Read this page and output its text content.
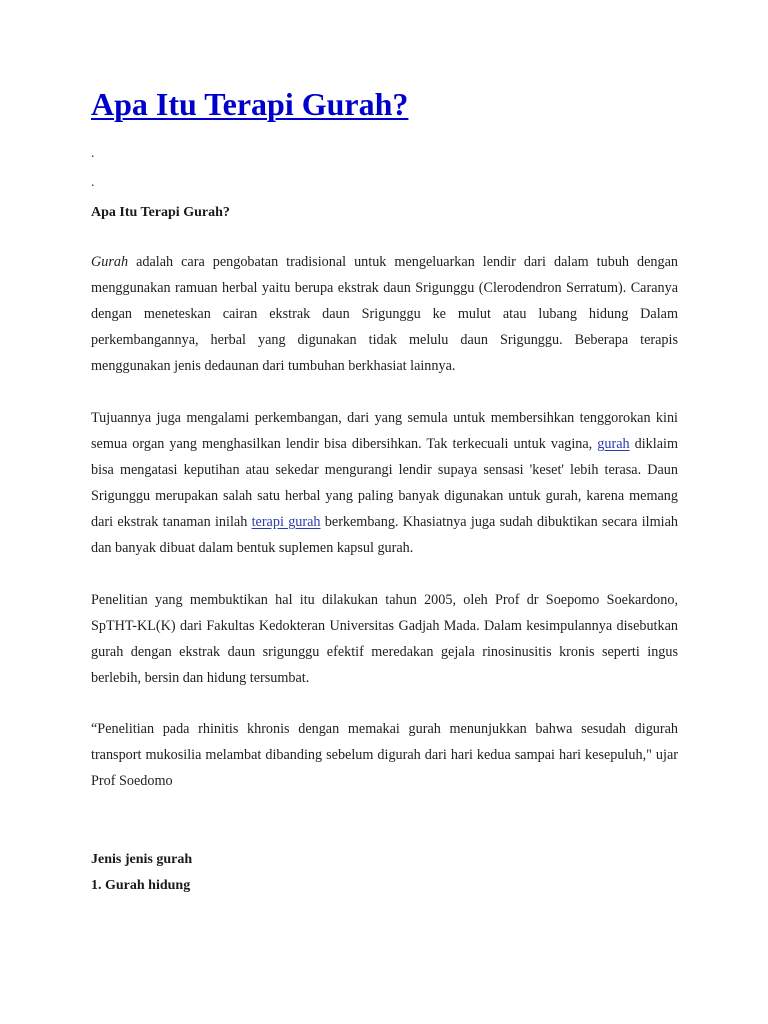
Apa Itu Terapi Gurah?
.
.
Apa Itu Terapi Gurah?

Gurah adalah cara pengobatan tradisional untuk mengeluarkan lendir dari dalam tubuh dengan menggunakan ramuan herbal yaitu berupa ekstrak daun Srigunggu (Clerodendron Serratum). Caranya dengan meneteskan cairan ekstrak daun Srigunggu ke mulut atau lubang hidung Dalam perkembangannya, herbal yang digunakan tidak melulu daun Srigunggu. Beberapa terapis menggunakan jenis dedaunan dari tumbuhan berkhasiat lainnya.

Tujuannya juga mengalami perkembangan, dari yang semula untuk membersihkan tenggorokan kini semua organ yang menghasilkan lendir bisa dibersihkan. Tak terkecuali untuk vagina, gurah diklaim bisa mengatasi keputihan atau sekedar mengurangi lendir supaya sensasi 'keset' lebih terasa. Daun Srigunggu merupakan salah satu herbal yang paling banyak digunakan untuk gurah, karena memang dari ekstrak tanaman inilah terapi gurah berkembang. Khasiatnya juga sudah dibuktikan secara ilmiah dan banyak dibuat dalam bentuk suplemen kapsul gurah.

Penelitian yang membuktikan hal itu dilakukan tahun 2005, oleh Prof dr Soepomo Soekardono, SpTHT-KL(K) dari Fakultas Kedokteran Universitas Gadjah Mada. Dalam kesimpulannya disebutkan gurah dengan ekstrak daun srigunggu efektif meredakan gejala rinosinusitis kronis seperti ingus berlebih, bersin dan hidung tersumbat.

“Penelitian pada rhinitis khronis dengan memakai gurah menunjukkan bahwa sesudah digurah transport mukosilia melambat dibanding sebelum digurah dari hari kedua sampai hari kesepuluh," ujar Prof Soedomo

Jenis jenis gurah
1. Gurah hidung
